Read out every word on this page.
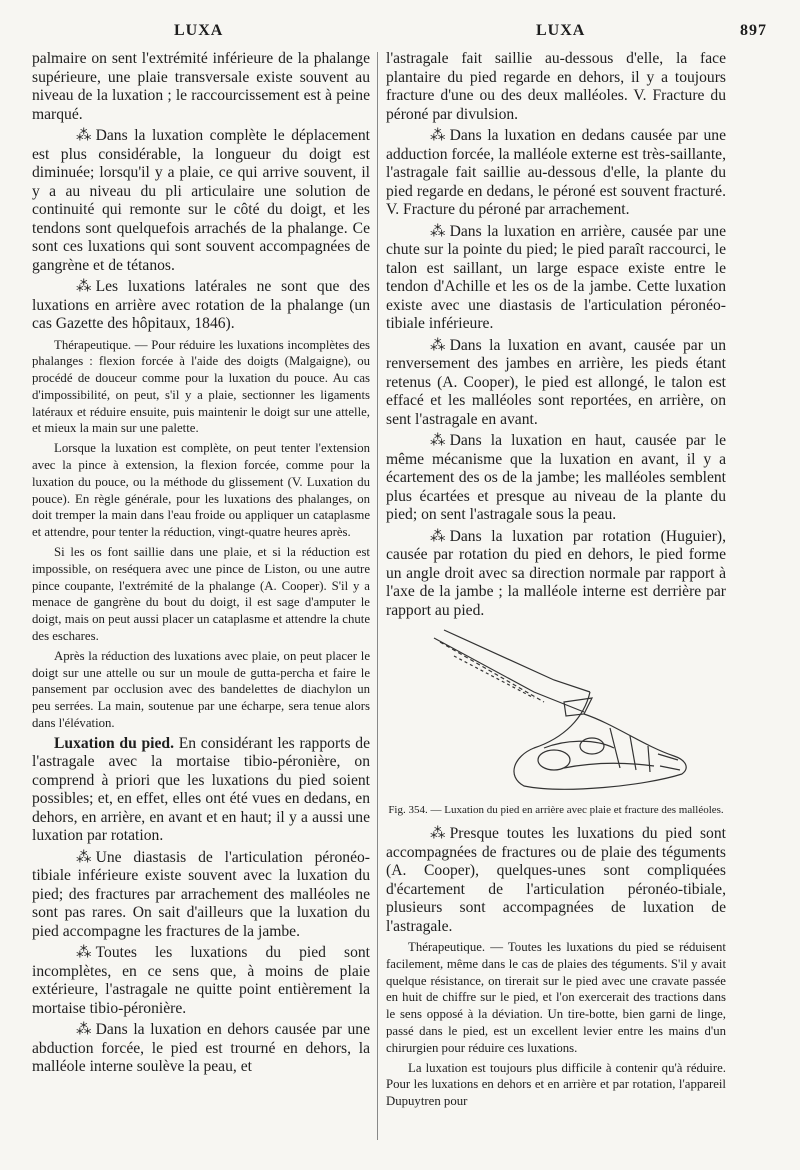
LUXA	LUXA	897

palmaire on sent l'extrémité inférieure de la phalange supérieure, une plaie transversale existe souvent au niveau de la luxation ; le raccourcissement est à peine marqué.

⁂ Dans la luxation complète le déplacement est plus considérable, la longueur du doigt est diminuée; lorsqu'il y a plaie, ce qui arrive souvent, il y a au niveau du pli articulaire une solution de continuité qui remonte sur le côté du doigt, et les tendons sont quelquefois arrachés de la phalange. Ce sont ces luxations qui sont souvent accompagnées de gangrène et de tétanos.

⁂ Les luxations latérales ne sont que des luxations en arrière avec rotation de la phalange (un cas Gazette des hôpitaux, 1846).

Thérapeutique. — Pour réduire les luxations incomplètes des phalanges : flexion forcée à l'aide des doigts (Malgaigne), ou procédé de douceur comme pour la luxation du pouce. Au cas d'impossibilité, on peut, s'il y a plaie, sectionner les ligaments latéraux et réduire ensuite, puis maintenir le doigt sur une attelle, et mieux la main sur une palette.

Lorsque la luxation est complète, on peut tenter l'extension avec la pince à extension, la flexion forcée, comme pour la luxation du pouce, ou la méthode du glissement (V. Luxation du pouce). En règle générale, pour les luxations des phalanges, on doit tremper la main dans l'eau froide ou appliquer un cataplasme et attendre, pour tenter la réduction, vingt-quatre heures après.

Si les os font saillie dans une plaie, et si la réduction est impossible, on reséquera avec une pince de Liston, ou une autre pince coupante, l'extrémité de la phalange (A. Cooper). S'il y a menace de gangrène du bout du doigt, il est sage d'amputer le doigt, mais on peut aussi placer un cataplasme et attendre la chute des eschares.

Après la réduction des luxations avec plaie, on peut placer le doigt sur une attelle ou sur un moule de gutta-percha et faire le pansement par occlusion avec des bandelettes de diachylon un peu serrées. La main, soutenue par une écharpe, sera tenue alors dans l'élévation.

Luxation du pied. En considérant les rapports de l'astragale avec la mortaise tibio-péronière, on comprend à priori que les luxations du pied soient possibles; et, en effet, elles ont été vues en dedans, en dehors, en arrière, en avant et en haut; il y a aussi une luxation par rotation.

⁂ Une diastasis de l'articulation péronéo-tibiale inférieure existe souvent avec la luxation du pied; des fractures par arrachement des malléoles ne sont pas rares. On sait d'ailleurs que la luxation du pied accompagne les fractures de la jambe.

⁂ Toutes les luxations du pied sont incomplètes, en ce sens que, à moins de plaie extérieure, l'astragale ne quitte point entièrement la mortaise tibio-péronière.

⁂ Dans la luxation en dehors causée par une abduction forcée, le pied est trourné en dehors, la malléole interne soulève la peau, et

l'astragale fait saillie au-dessous d'elle, la face plantaire du pied regarde en dehors, il y a toujours fracture d'une ou des deux malléoles. V. Fracture du péroné par divulsion.

⁂ Dans la luxation en dedans causée par une adduction forcée, la malléole externe est très-saillante, l'astragale fait saillie au-dessous d'elle, la plante du pied regarde en dedans, le péroné est souvent fracturé. V. Fracture du péroné par arrachement.

⁂ Dans la luxation en arrière, causée par une chute sur la pointe du pied; le pied paraît raccourci, le talon est saillant, un large espace existe entre le tendon d'Achille et les os de la jambe. Cette luxation existe avec une diastasis de l'articulation péronéo-tibiale inférieure.

⁂ Dans la luxation en avant, causée par un renversement des jambes en arrière, les pieds étant retenus (A. Cooper), le pied est allongé, le talon est effacé et les malléoles sont reportées, en arrière, on sent l'astragale en avant.

⁂ Dans la luxation en haut, causée par le même mécanisme que la luxation en avant, il y a écartement des os de la jambe; les malléoles semblent plus écartées et presque au niveau de la plante du pied; on sent l'astragale sous la peau.

⁂ Dans la luxation par rotation (Huguier), causée par rotation du pied en dehors, le pied forme un angle droit avec sa direction normale par rapport à l'axe de la jambe ; la malléole interne est derrière par rapport au pied.

Fig. 354. — Luxation du pied en arrière avec plaie et fracture des malléoles.

⁂ Presque toutes les luxations du pied sont accompagnées de fractures ou de plaie des téguments (A. Cooper), quelques-unes sont compliquées d'écartement de l'articulation péronéo-tibiale, plusieurs sont accompagnées de luxation de l'astragale.

Thérapeutique. — Toutes les luxations du pied se réduisent facilement, même dans le cas de plaies des téguments. S'il y avait quelque résistance, on tirerait sur le pied avec une cravate passée en huit de chiffre sur le pied, et l'on exercerait des tractions dans le sens opposé à la déviation. Un tire-botte, bien garni de linge, passé dans le pied, est un excellent levier entre les mains d'un chirurgien pour réduire ces luxations.

La luxation est toujours plus difficile à contenir qu'à réduire. Pour les luxations en dehors et en arrière et par rotation, l'appareil Dupuytren pour
